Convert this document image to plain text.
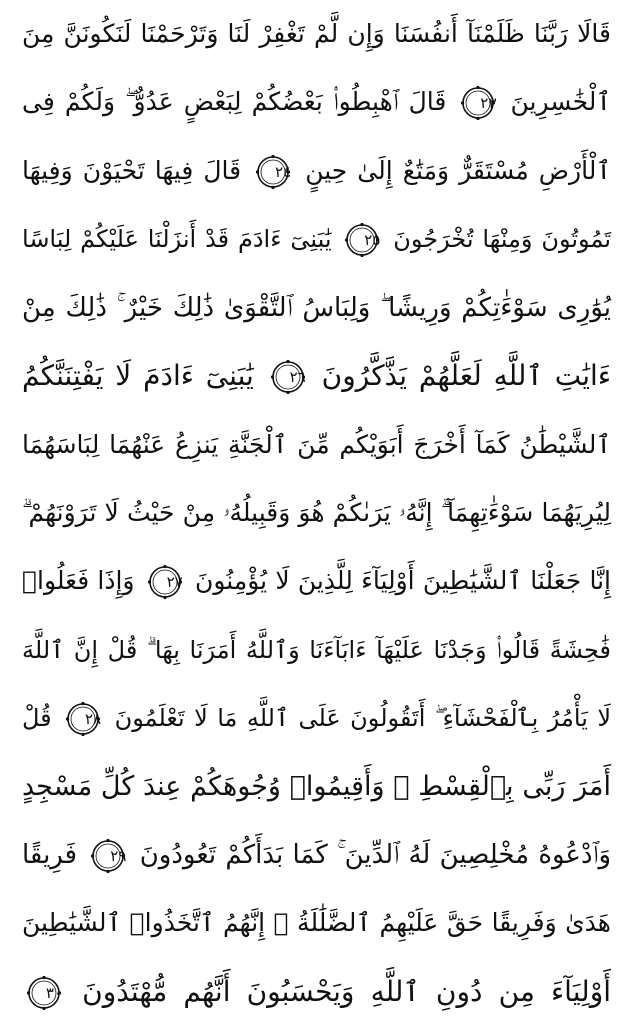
قَالَا رَبَّنَا ظَلَمْنَآ أَنفُسَنَا وَإِن لَّمْ تَغْفِرْ لَنَا وَتَرْحَمْنَا لَنَكُونَنَّ مِنَ
ٱلْخَٰسِرِينَ
٢٣
قَالَ ٱهْبِطُوا۟ بَعْضُكُمْ لِبَعْضٍ عَدُوٌّ ۖ وَلَكُمْ فِى
ٱلْأَرْضِ مُسْتَقَرٌّ وَمَتَٰعٌ إِلَىٰ حِينٍ
٢٤
قَالَ فِيهَا تَحْيَوْنَ وَفِيهَا
تَمُوتُونَ وَمِنْهَا تُخْرَجُونَ
٢٥
يَٰبَنِىٓ ءَادَمَ قَدْ أَنزَلْنَا عَلَيْكُمْ لِبَاسًا
يُوَٰرِى سَوْءَٰتِكُمْ وَرِيشًا ۖ وَلِبَاسُ ٱلتَّقْوَىٰ ذَٰلِكَ خَيْرٌ ۚ ذَٰلِكَ مِنْ
ءَايَٰتِ ٱللَّهِ لَعَلَّهُمْ يَذَّكَّرُونَ
٢٦
يَٰبَنِىٓ ءَادَمَ لَا يَفْتِنَنَّكُمُ
ٱلشَّيْطَٰنُ كَمَآ أَخْرَجَ أَبَوَيْكُم مِّنَ ٱلْجَنَّةِ يَنزِعُ عَنْهُمَا لِبَاسَهُمَا
لِيُرِيَهُمَا سَوْءَٰتِهِمَآ ۗ إِنَّهُۥ يَرَىٰكُمْ هُوَ وَقَبِيلُهُۥ مِنْ حَيْثُ لَا تَرَوْنَهُمْ ۗ
إِنَّا جَعَلْنَا ٱلشَّيَٰطِينَ أَوْلِيَآءَ لِلَّذِينَ لَا يُؤْمِنُونَ
٢٧
وَإِذَا فَعَلُوا۟
فَٰحِشَةً قَالُوا۟ وَجَدْنَا عَلَيْهَآ ءَابَآءَنَا وَٱللَّهُ أَمَرَنَا بِهَا ۗ قُلْ إِنَّ ٱللَّهَ
لَا يَأْمُرُ بِٱلْفَحْشَآءِ ۖ أَتَقُولُونَ عَلَى ٱللَّهِ مَا لَا تَعْلَمُونَ
٢٨
قُلْ
أَمَرَ رَبِّى بِٱلْقِسْطِ ۖ وَأَقِيمُوا۟ وُجُوهَكُمْ عِندَ كُلِّ مَسْجِدٍ
وَٱدْعُوهُ مُخْلِصِينَ لَهُ ٱلدِّينَ ۚ كَمَا بَدَأَكُمْ تَعُودُونَ
٢٩
فَرِيقًا
هَدَىٰ وَفَرِيقًا حَقَّ عَلَيْهِمُ ٱلضَّلَٰلَةُ ۗ إِنَّهُمُ ٱتَّخَذُوا۟ ٱلشَّيَٰطِينَ
أَوْلِيَآءَ مِن دُونِ ٱللَّهِ وَيَحْسَبُونَ أَنَّهُم مُّهْتَدُونَ
٣٠
